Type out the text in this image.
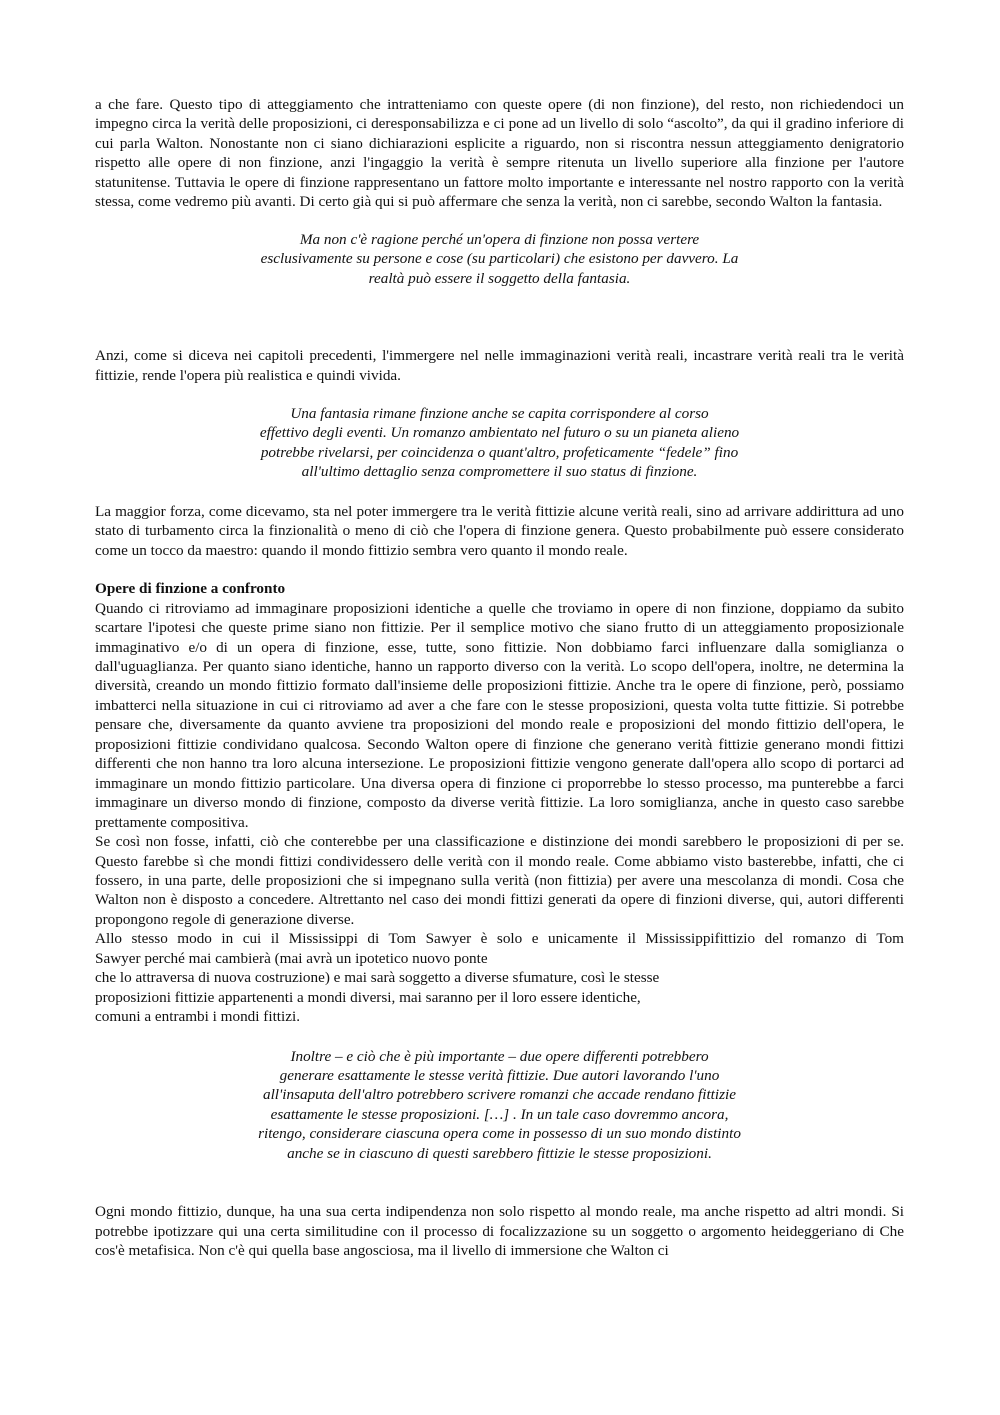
a che fare. Questo tipo di atteggiamento che intratteniamo con queste opere (di non finzione), del resto, non richiedendoci un impegno circa la verità delle proposizioni, ci deresponsabilizza e ci pone ad un livello di solo “ascolto”, da qui il gradino inferiore di cui parla Walton. Nonostante non ci siano dichiarazioni esplicite a riguardo, non si riscontra nessun atteggiamento denigratorio rispetto alle opere di non finzione, anzi l'ingaggio la verità è sempre ritenuta un livello superiore alla finzione per l'autore statunitense. Tuttavia le opere di finzione rappresentano un fattore molto importante e interessante nel nostro rapporto con la verità stessa, come vedremo più avanti. Di certo già qui si può affermare che senza la verità, non ci sarebbe, secondo Walton la fantasia.

Ma non c'è ragione perché un'opera di finzione non possa vertere
esclusivamente su persone e cose (su particolari) che esistono per davvero. La
realtà può essere il soggetto della fantasia.

Anzi, come si diceva nei capitoli precedenti, l'immergere nel nelle immaginazioni verità reali, incastrare verità reali tra le verità fittizie, rende l'opera più realistica e quindi vivida.

Una fantasia rimane finzione anche se capita corrispondere al corso
effettivo degli eventi. Un romanzo ambientato nel futuro o su un pianeta alieno
potrebbe rivelarsi, per coincidenza o quant'altro, profeticamente “fedele” fino
all'ultimo dettaglio senza compromettere il suo status di finzione.

La maggior forza, come dicevamo, sta nel poter immergere tra le verità fittizie alcune verità reali, sino ad arrivare addirittura ad uno stato di turbamento circa la finzionalità o meno di ciò che l'opera di finzione genera. Questo probabilmente può essere considerato come un tocco da maestro: quando il mondo fittizio sembra vero quanto il mondo reale.

Opere di finzione a confronto

Quando ci ritroviamo ad immaginare proposizioni identiche a quelle che troviamo in opere di non finzione, doppiamo da subito scartare l'ipotesi che queste prime siano non fittizie. Per il semplice motivo che siano frutto di un atteggiamento proposizionale immaginativo e/o di un opera di finzione, esse, tutte, sono fittizie. Non dobbiamo farci influenzare dalla somiglianza o dall'uguaglianza. Per quanto siano identiche, hanno un rapporto diverso con la verità. Lo scopo dell'opera, inoltre, ne determina la diversità, creando un mondo fittizio formato dall'insieme delle proposizioni fittizie. Anche tra le opere di finzione, però, possiamo imbatterci nella situazione in cui ci ritroviamo ad aver a che fare con le stesse proposizioni, questa volta tutte fittizie. Si potrebbe pensare che, diversamente da quanto avviene tra proposizioni del mondo reale e proposizioni del mondo fittizio dell'opera, le proposizioni fittizie condividano qualcosa. Secondo Walton opere di finzione che generano verità fittizie generano mondi fittizi differenti che non hanno tra loro alcuna intersezione. Le proposizioni fittizie vengono generate dall'opera allo scopo di portarci ad immaginare un mondo fittizio particolare. Una diversa opera di finzione ci proporrebbe lo stesso processo, ma punterebbe a farci immaginare un diverso mondo di finzione, composto da diverse verità fittizie. La loro somiglianza, anche in questo caso sarebbe prettamente compositiva.

Se così non fosse, infatti, ciò che conterebbe per una classificazione e distinzione dei mondi sarebbero le proposizioni di per se. Questo farebbe sì che mondi fittizi condividessero delle verità con il mondo reale. Come abbiamo visto basterebbe, infatti, che ci fossero, in una parte, delle proposizioni che si impegnano sulla verità (non fittizia) per avere una mescolanza di mondi. Cosa che Walton non è disposto a concedere. Altrettanto nel caso dei mondi fittizi generati da opere di finzioni diverse, qui, autori differenti propongono regole di generazione diverse.

Allo stesso modo in cui il Mississippi di Tom Sawyer è solo e unicamente il Mississippifittizio del romanzo di Tom

Sawyer perché mai cambierà (mai avrà un ipotetico nuovo ponte
che lo attraversa di nuova costruzione) e mai sarà soggetto a diverse sfumature, così le stesse
proposizioni fittizie appartenenti a mondi diversi, mai saranno per il loro essere identiche,
comuni a entrambi i mondi fittizi.

Inoltre – e ciò che è più importante – due opere differenti potrebbero
generare esattamente le stesse verità fittizie. Due autori lavorando l'uno
all'insaputa dell'altro potrebbero scrivere romanzi che accade rendano fittizie
esattamente le stesse proposizioni. […] . In un tale caso dovremmo ancora,
ritengo, considerare ciascuna opera come in possesso di un suo mondo distinto
anche se in ciascuno di questi sarebbero fittizie le stesse proposizioni.

Ogni mondo fittizio, dunque, ha una sua certa indipendenza non solo rispetto al mondo reale, ma anche rispetto ad altri mondi. Si potrebbe ipotizzare qui una certa similitudine con il processo di focalizzazione su un soggetto o argomento heideggeriano di Che cos'è metafisica. Non c'è qui quella base angosciosa, ma il livello di immersione che Walton ci
